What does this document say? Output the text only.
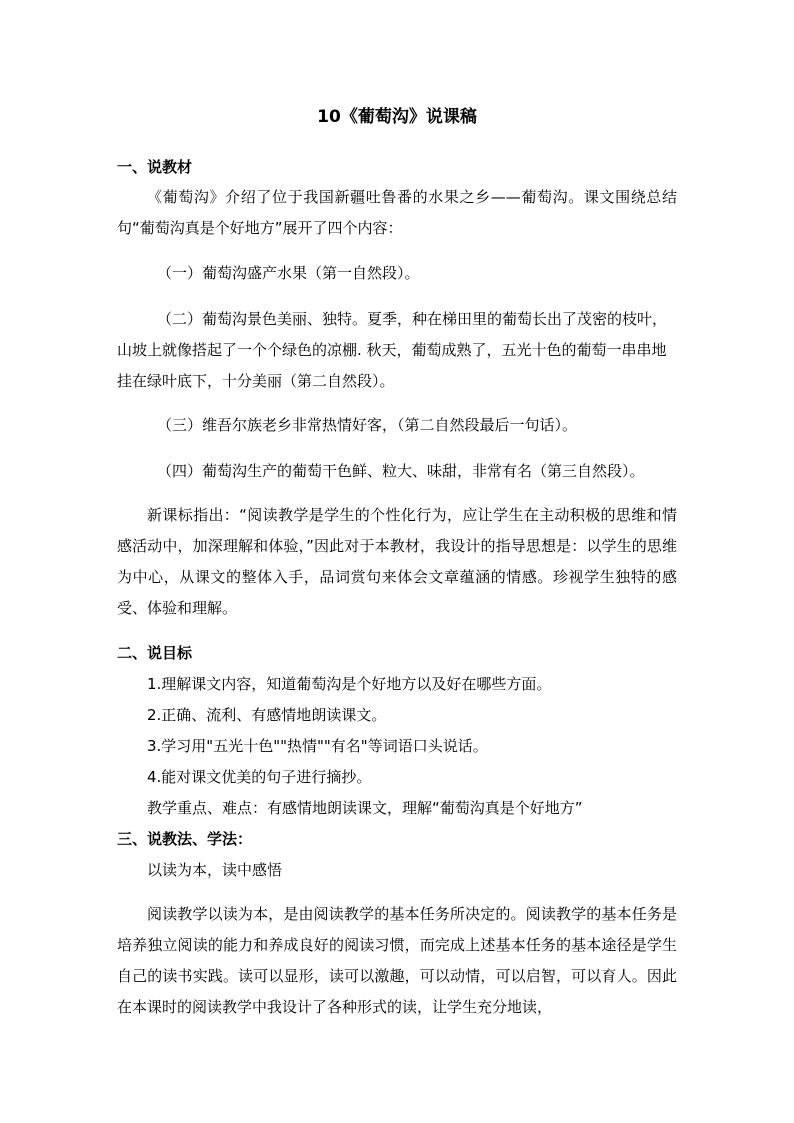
10《葡萄沟》说课稿
一、说教材
《葡萄沟》介绍了位于我国新疆吐鲁番的水果之乡——葡萄沟。课文围绕总结句“葡萄沟真是个好地方”展开了四个内容：
（一）葡萄沟盛产水果（第一自然段）。
（二）葡萄沟景色美丽、独特。夏季，种在梯田里的葡萄长出了茂密的枝叶，山坡上就像搭起了一个个绿色的凉棚. 秋天，葡萄成熟了，五光十色的葡萄一串串地挂在绿叶底下，十分美丽（第二自然段）。
（三）维吾尔族老乡非常热情好客，（第二自然段最后一句话）。
（四）葡萄沟生产的葡萄干色鲜、粒大、味甜，非常有名（第三自然段）。
新课标指出：“阅读教学是学生的个性化行为，应让学生在主动积极的思维和情感活动中，加深理解和体验，”因此对于本教材，我设计的指导思想是：以学生的思维为中心，从课文的整体入手，品词赏句来体会文章蕴涵的情感。珍视学生独特的感受、体验和理解。
二、说目标
1.理解课文内容，知道葡萄沟是个好地方以及好在哪些方面。
2.正确、流利、有感情地朗读课文。
3.学习用"五光十色""热情""有名"等词语口头说话。
4.能对课文优美的句子进行摘抄。
教学重点、难点：有感情地朗读课文，理解“葡萄沟真是个好地方”
三、说教法、学法：
以读为本，读中感悟
阅读教学以读为本，是由阅读教学的基本任务所决定的。阅读教学的基本任务是培养独立阅读的能力和养成良好的阅读习惯，而完成上述基本任务的基本途径是学生自己的读书实践。读可以显形，读可以激趣，可以动情，可以启智，可以育人。因此在本课时的阅读教学中我设计了各种形式的读，让学生充分地读，
